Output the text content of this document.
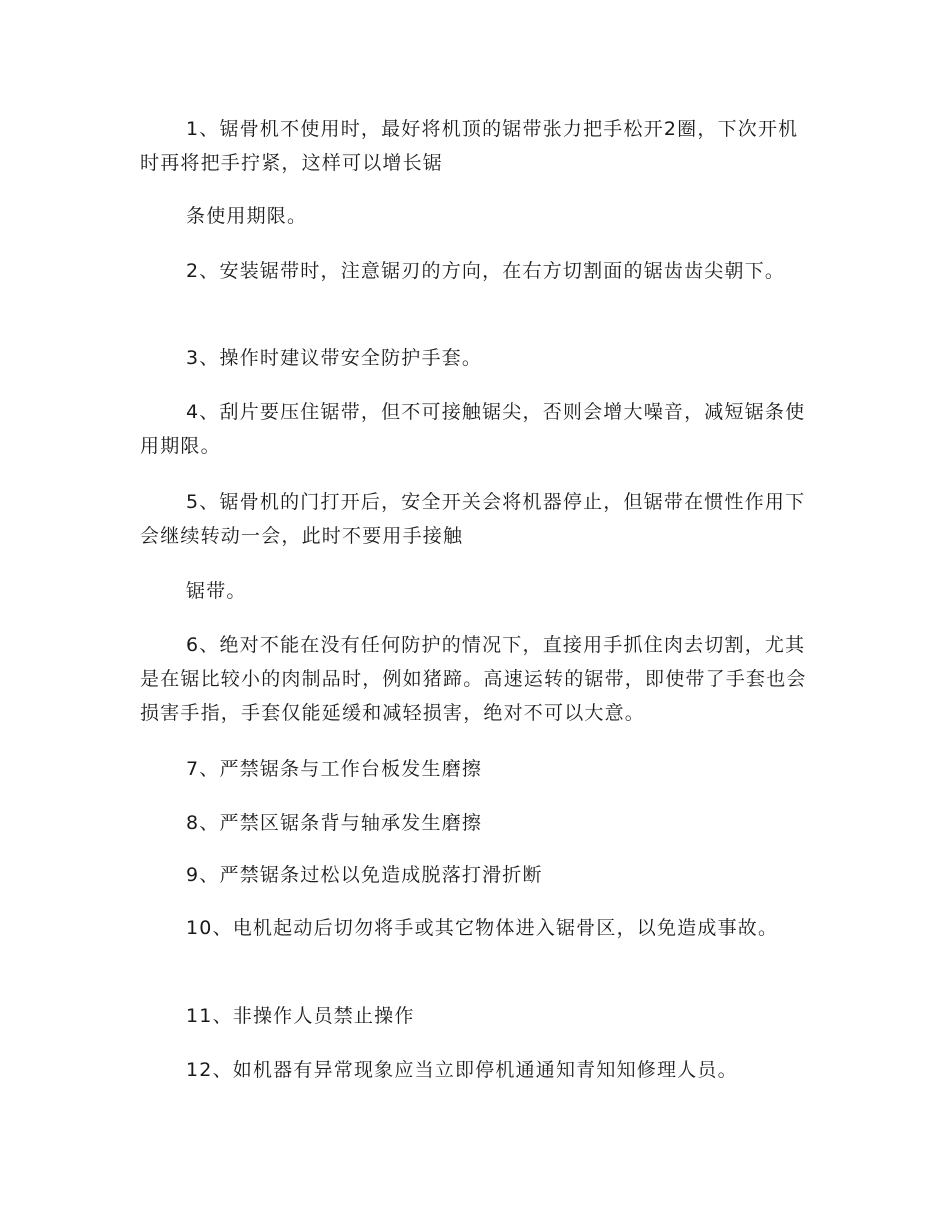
1、锯骨机不使用时，最好将机顶的锯带张力把手松开2圈，下次开机时再将把手拧紧，这样可以增长锯

条使用期限。

2、安装锯带时，注意锯刃的方向，在右方切割面的锯齿齿尖朝下。

3、操作时建议带安全防护手套。

4、刮片要压住锯带，但不可接触锯尖，否则会增大噪音，减短锯条使用期限。

5、锯骨机的门打开后，安全开关会将机器停止，但锯带在惯性作用下会继续转动一会，此时不要用手接触

锯带。

6、绝对不能在没有任何防护的情况下，直接用手抓住肉去切割，尤其是在锯比较小的肉制品时，例如猪蹄。高速运转的锯带，即使带了手套也会损害手指，手套仅能延缓和减轻损害，绝对不可以大意。

7、严禁锯条与工作台板发生磨擦

8、严禁区锯条背与轴承发生磨擦

9、严禁锯条过松以免造成脱落打滑折断

10、电机起动后切勿将手或其它物体进入锯骨区，以免造成事故。

11、非操作人员禁止操作

12、如机器有异常现象应当立即停机通通知青知知修理人员。
